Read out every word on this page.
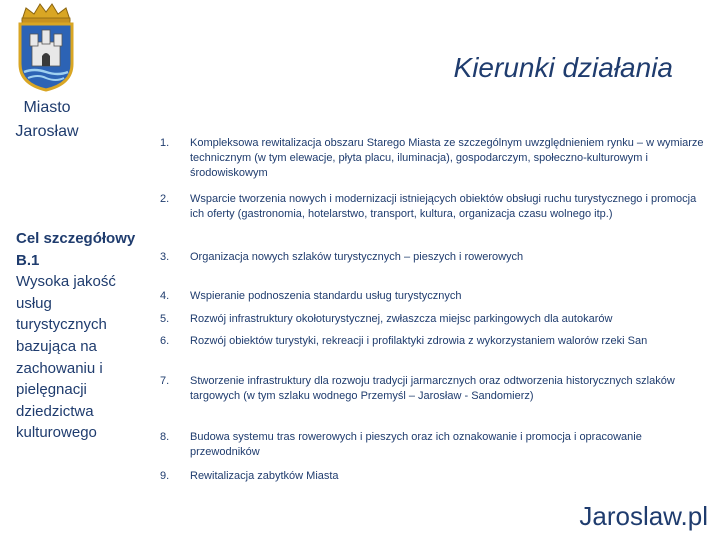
Miasto
Jarosław
Kierunki działania
Cel szczegółowy
B.1
Wysoka jakość usług turystycznych bazująca na zachowaniu i pielęgnacji dziedzictwa kulturowego
1.	Kompleksowa rewitalizacja obszaru Starego Miasta ze szczególnym uwzględnieniem rynku – w wymiarze technicznym (w tym elewacje, płyta placu, iluminacja), gospodarczym, społeczno-kulturowym i środowiskowym
2.	Wsparcie tworzenia nowych i modernizacji istniejących obiektów obsługi ruchu turystycznego i promocja ich oferty (gastronomia, hotelarstwo, transport, kultura, organizacja czasu wolnego itp.)
3.	Organizacja nowych szlaków turystycznych – pieszych i rowerowych
4.	Wspieranie podnoszenia standardu usług turystycznych
5.	Rozwój infrastruktury okołoturystycznej, zwłaszcza miejsc parkingowych dla autokarów
6.	Rozwój obiektów turystyki, rekreacji i profilaktyki zdrowia z wykorzystaniem walorów rzeki San
7.	Stworzenie infrastruktury dla rozwoju tradycji jarmarcznych oraz odtworzenia historycznych szlaków targowych (w tym szlaku wodnego Przemyśl – Jarosław - Sandomierz)
8.	Budowa systemu tras rowerowych i pieszych oraz ich oznakowanie i promocja i opracowanie przewodników
9.	Rewitalizacja zabytków Miasta
Jaroslaw.pl
